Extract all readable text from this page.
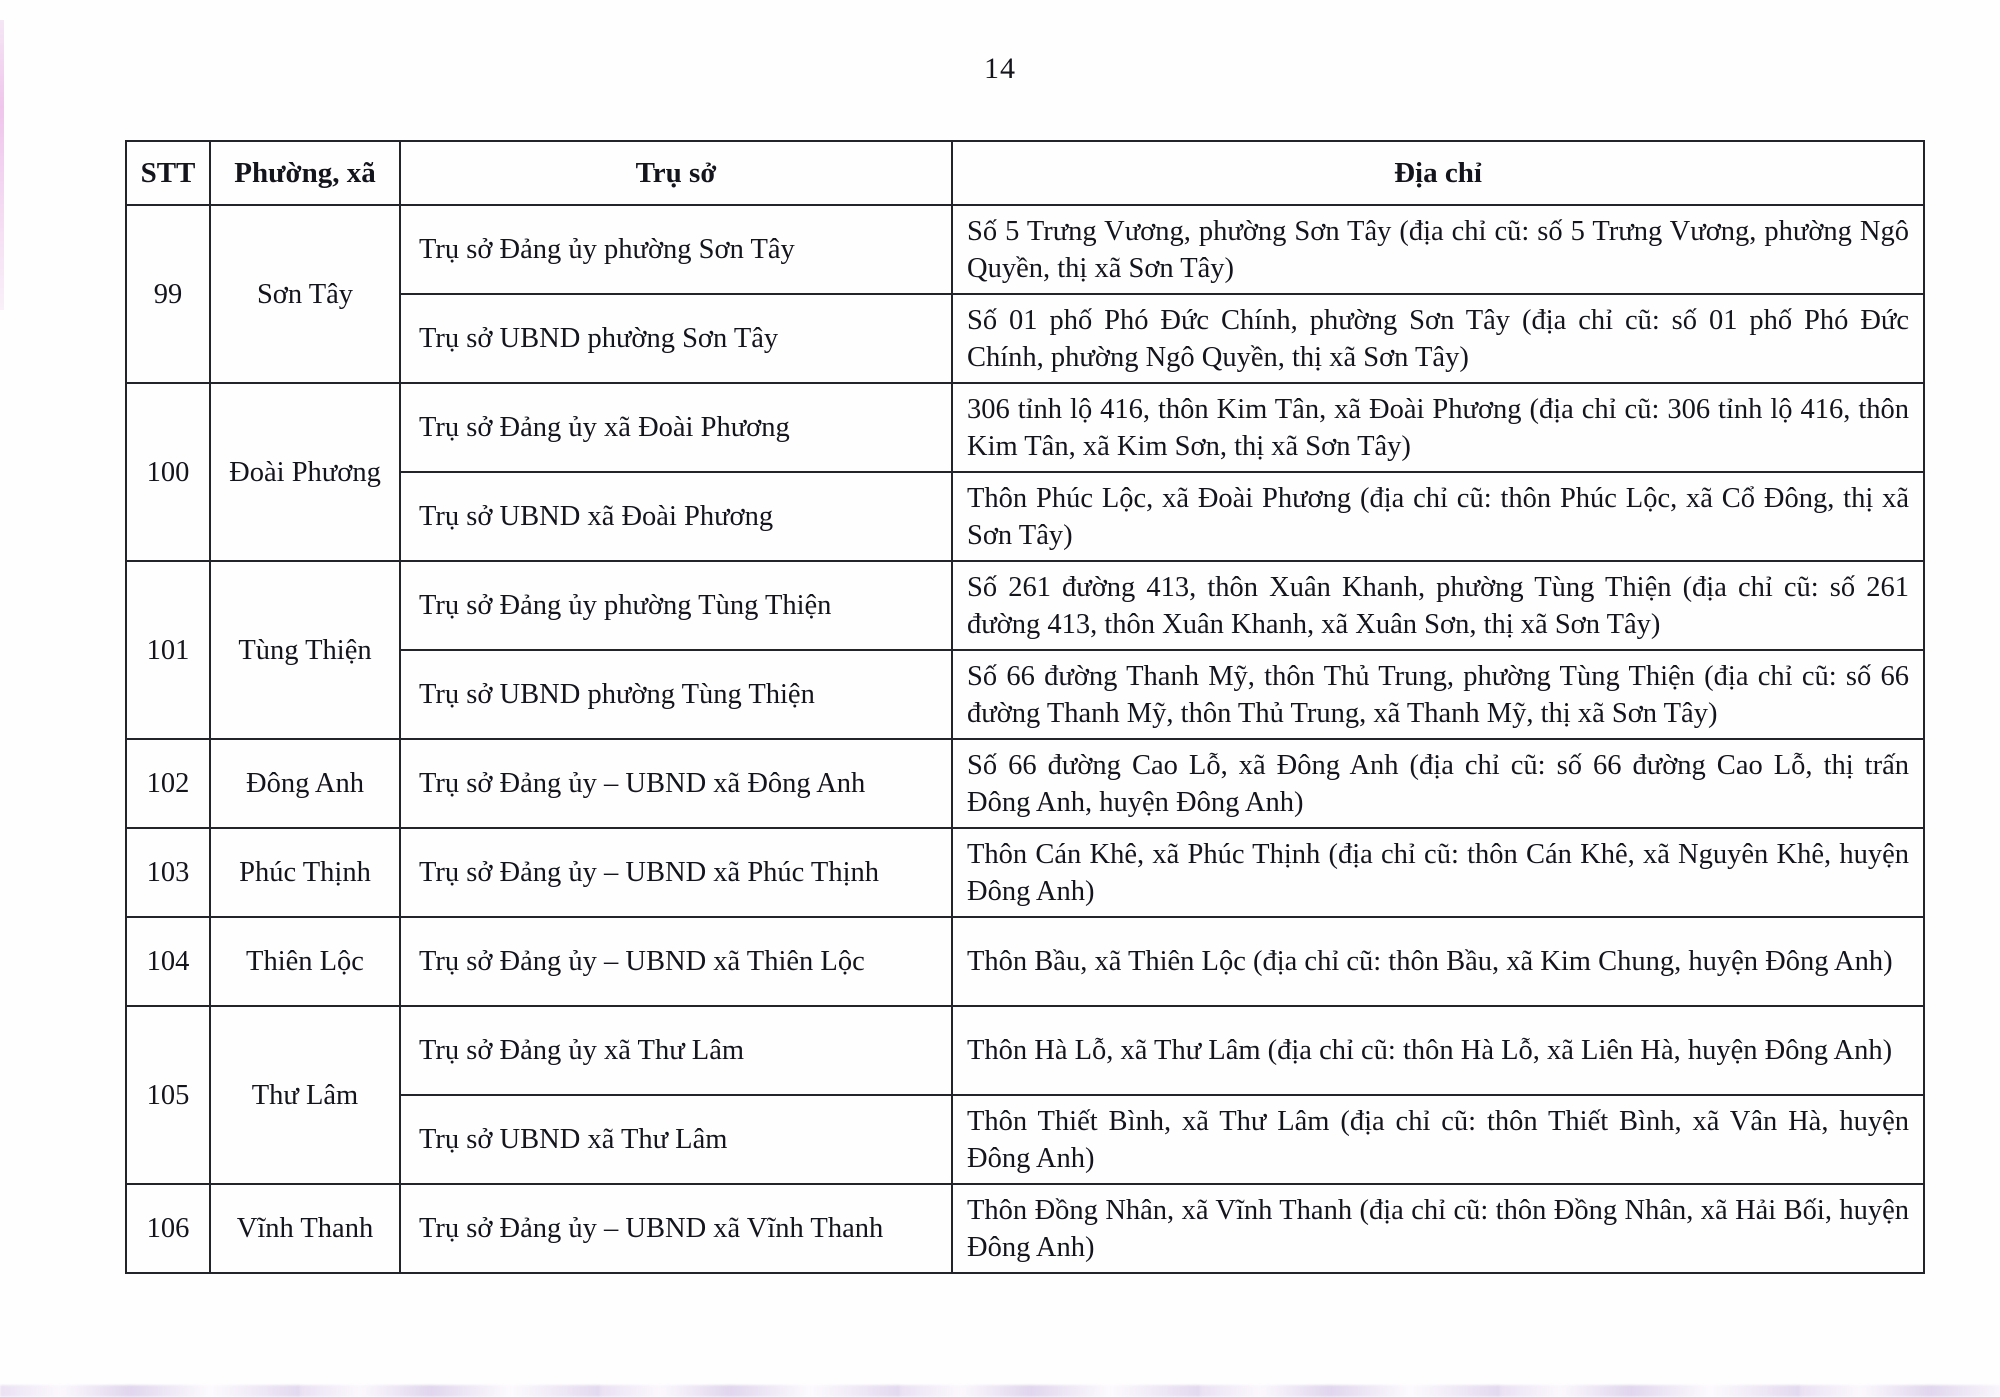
14
STT	Phường, xã	Trụ sở	Địa chỉ
99	Sơn Tây	Trụ sở Đảng ủy phường Sơn Tây	Số 5 Trưng Vương, phường Sơn Tây (địa chỉ cũ: số 5 Trưng Vương, phường Ngô Quyền, thị xã Sơn Tây)
		Trụ sở UBND phường Sơn Tây	Số 01 phố Phó Đức Chính, phường Sơn Tây (địa chỉ cũ: số 01 phố Phó Đức Chính, phường Ngô Quyền, thị xã Sơn Tây)
100	Đoài Phương	Trụ sở Đảng ủy xã Đoài Phương	306 tỉnh lộ 416, thôn Kim Tân, xã Đoài Phương (địa chỉ cũ: 306 tỉnh lộ 416, thôn Kim Tân, xã Kim Sơn, thị xã Sơn Tây)
		Trụ sở UBND xã Đoài Phương	Thôn Phúc Lộc, xã Đoài Phương (địa chỉ cũ: thôn Phúc Lộc, xã Cổ Đông, thị xã Sơn Tây)
101	Tùng Thiện	Trụ sở Đảng ủy phường Tùng Thiện	Số 261 đường 413, thôn Xuân Khanh, phường Tùng Thiện (địa chỉ cũ: số 261 đường 413, thôn Xuân Khanh, xã Xuân Sơn, thị xã Sơn Tây)
		Trụ sở UBND phường Tùng Thiện	Số 66 đường Thanh Mỹ, thôn Thủ Trung, phường Tùng Thiện (địa chỉ cũ: số 66 đường Thanh Mỹ, thôn Thủ Trung, xã Thanh Mỹ, thị xã Sơn Tây)
102	Đông Anh	Trụ sở Đảng ủy – UBND xã Đông Anh	Số 66 đường Cao Lỗ, xã Đông Anh (địa chỉ cũ: số 66 đường Cao Lỗ, thị trấn Đông Anh, huyện Đông Anh)
103	Phúc Thịnh	Trụ sở Đảng ủy – UBND xã Phúc Thịnh	Thôn Cán Khê, xã Phúc Thịnh (địa chỉ cũ: thôn Cán Khê, xã Nguyên Khê, huyện Đông Anh)
104	Thiên Lộc	Trụ sở Đảng ủy – UBND xã Thiên Lộc	Thôn Bầu, xã Thiên Lộc (địa chỉ cũ: thôn Bầu, xã Kim Chung, huyện Đông Anh)
105	Thư Lâm	Trụ sở Đảng ủy xã Thư Lâm	Thôn Hà Lỗ, xã Thư Lâm (địa chỉ cũ: thôn Hà Lỗ, xã Liên Hà, huyện Đông Anh)
		Trụ sở UBND xã Thư Lâm	Thôn Thiết Bình, xã Thư Lâm (địa chỉ cũ: thôn Thiết Bình, xã Vân Hà, huyện Đông Anh)
106	Vĩnh Thanh	Trụ sở Đảng ủy – UBND xã Vĩnh Thanh	Thôn Đồng Nhân, xã Vĩnh Thanh (địa chỉ cũ: thôn Đồng Nhân, xã Hải Bối, huyện Đông Anh)
